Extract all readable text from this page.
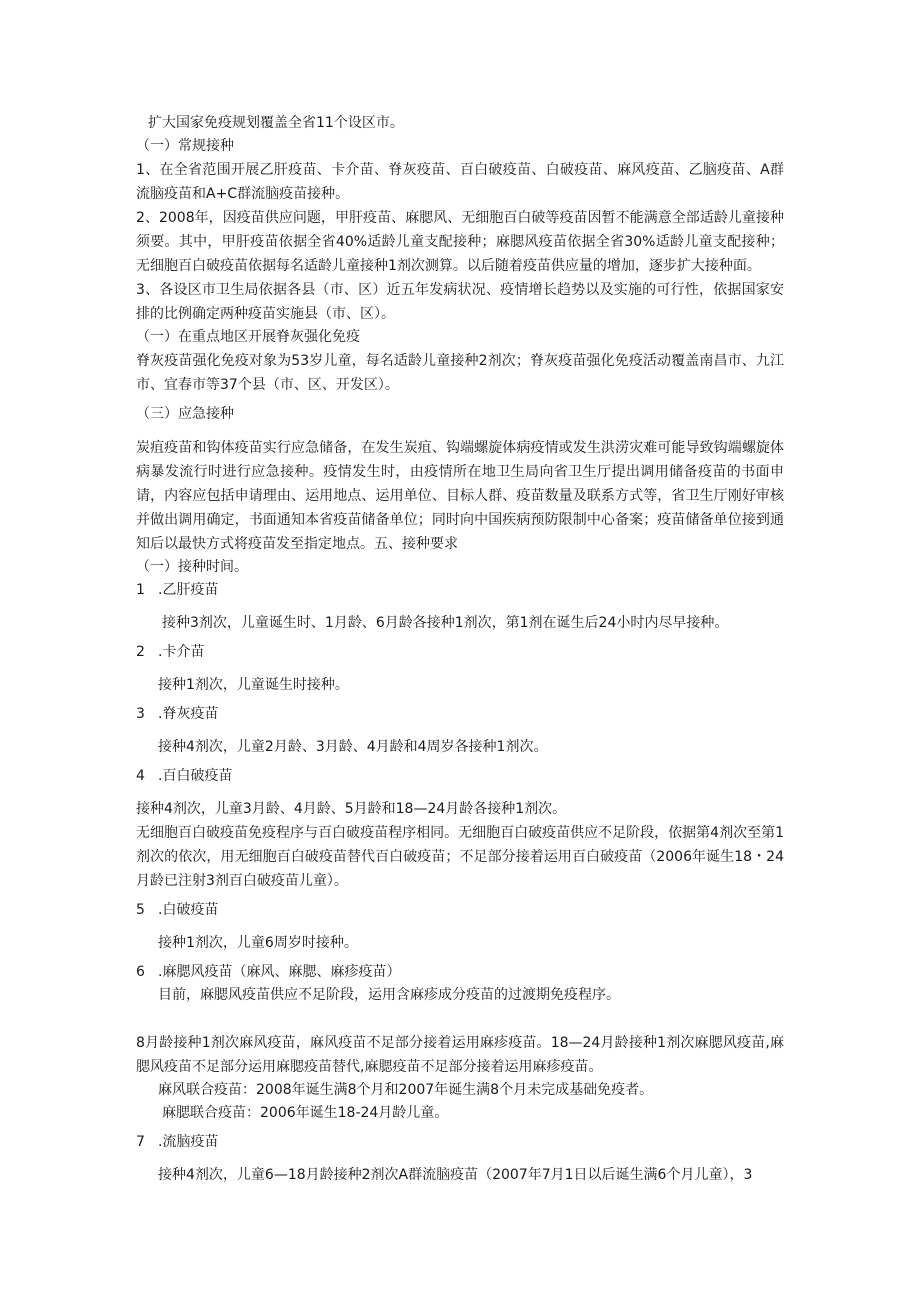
扩大国家免疫规划覆盖全省11个设区市。

（一）常规接种

1、在全省范围开展乙肝疫苗、卡介苗、脊灰疫苗、百白破疫苗、白破疫苗、麻风疫苗、乙脑疫苗、A群流脑疫苗和A+C群流脑疫苗接种。

2、2008年，因疫苗供应问题，甲肝疫苗、麻腮风、无细胞百白破等疫苗因暂不能满意全部适龄儿童接种须要。其中，甲肝疫苗依据全省40%适龄儿童支配接种；麻腮风疫苗依据全省30%适龄儿童支配接种；无细胞百白破疫苗依据每名适龄儿童接种1剂次测算。以后随着疫苗供应量的增加，逐步扩大接种面。

3、各设区市卫生局依据各县（市、区）近五年发病状况、疫情增长趋势以及实施的可行性，依据国家安排的比例确定两种疫苗实施县（市、区）。

（一）在重点地区开展脊灰强化免疫

脊灰疫苗强化免疫对象为53岁儿童，每名适龄儿童接种2剂次；脊灰疫苗强化免疫活动覆盖南昌市、九江市、宜春市等37个县（市、区、开发区）。

（三）应急接种

炭疽疫苗和钩体疫苗实行应急储备，在发生炭疽、钩端螺旋体病疫情或发生洪涝灾难可能导致钩端螺旋体病暴发流行时进行应急接种。疫情发生时，由疫情所在地卫生局向省卫生厅提出调用储备疫苗的书面申请，内容应包括申请理由、运用地点、运用单位、目标人群、疫苗数量及联系方式等，省卫生厅刚好审核并做出调用确定，书面通知本省疫苗储备单位；同时向中国疾病预防限制中心备案；疫苗储备单位接到通知后以最快方式将疫苗发至指定地点。五、接种要求

（一）接种时间。

1 .乙肝疫苗

接种3剂次，儿童诞生时、1月龄、6月龄各接种1剂次，第1剂在诞生后24小时内尽早接种。

2 .卡介苗

接种1剂次，儿童诞生时接种。

3 .脊灰疫苗

接种4剂次，儿童2月龄、3月龄、4月龄和4周岁各接种1剂次。

4 .百白破疫苗

接种4剂次，儿童3月龄、4月龄、5月龄和18—24月龄各接种1剂次。

无细胞百白破疫苗免疫程序与百白破疫苗程序相同。无细胞百白破疫苗供应不足阶段，依据第4剂次至第1剂次的依次，用无细胞百白破疫苗替代百白破疫苗；不足部分接着运用百白破疫苗（2006年诞生18・24月龄已注射3剂百白破疫苗儿童）。

5 .白破疫苗

接种1剂次，儿童6周岁时接种。

6 .麻腮风疫苗（麻风、麻腮、麻疹疫苗）

目前，麻腮风疫苗供应不足阶段，运用含麻疹成分疫苗的过渡期免疫程序。

8月龄接种1剂次麻风疫苗，麻风疫苗不足部分接着运用麻疹疫苗。18—24月龄接种1剂次麻腮风疫苗,麻腮风疫苗不足部分运用麻腮疫苗替代,麻腮疫苗不足部分接着运用麻疹疫苗。

麻风联合疫苗：2008年诞生满8个月和2007年诞生满8个月未完成基础免疫者。

麻腮联合疫苗：2006年诞生18-24月龄儿童。

7 .流脑疫苗

接种4剂次，儿童6—18月龄接种2剂次A群流脑疫苗（2007年7月1日以后诞生满6个月儿童），3
